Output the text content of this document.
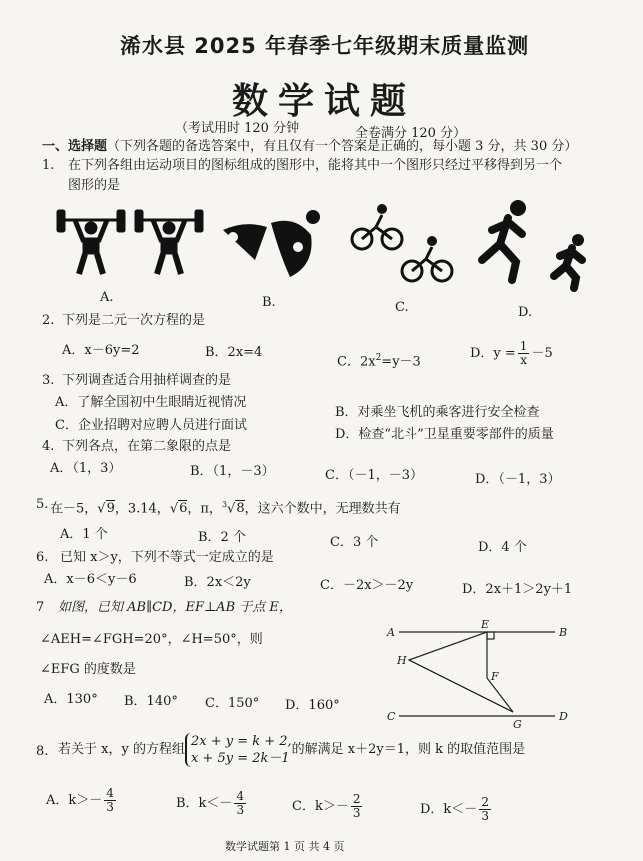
浠水县 2025 年春季七年级期末质量监测
数学试题
（考试用时 120 分钟	全卷满分 120 分）
一、选择题（下列各题的备选答案中，有且仅有一个答案是正确的，每小题 3 分，共 30 分）
1. 在下列各组由运动项目的图标组成的图形中，能将其中一个图形只经过平移得到另一个
图形的是
A.	B.	C.	D.
2. 下列是二元一次方程的是
A．x－6y=2	B．2x=4
C．$2x^2=y-3$
D．$y = \frac{1}{x} -5$
3. 下列调查适合用抽样调查的是
A．了解全国初中生眼睛近视情况
B．对乘坐飞机的乘客进行安全检查
C．企业招聘对应聘人员进行面试
D．检查“北斗”卫星重要零部件的质量
4. 下列各点，在第二象限的点是
A．（1，3）	B．（1，－3）	C．（－1，－3）	D．（－1，3）
5. 在－5，√9，3.14，√6，π，$^3$√8，这六个数中，无理数共有
A．1 个	B．2 个	C．3 个	D．4 个
6. 已知 x＞y，下列不等式一定成立的是
A．x－6＜y－6	B．2x＜2y	C．－2x＞－2y	D．2x＋1＞2y＋1
7 如图，已知 AB∥CD，EF⊥AB 于点 E，
∠AEH=∠FGH=20°，∠H=50°，则
∠EFG 的度数是
A．130° B．140° C．150° D．160°
A
E
B
H
F
C
G
D
8. 若关于 x，y 的方程组
2x + y = k + 2,
x + 5y = 2k－1
的解满足 x＋2y＝1，则 k 的取值范围是
A．$k>- \frac{4}{3}$	B．$k<- \frac{4}{3}$	C．$k>- \frac{2}{3}$	D．$k<- \frac{2}{3}$
数学试题第 1 页 共 4 页
